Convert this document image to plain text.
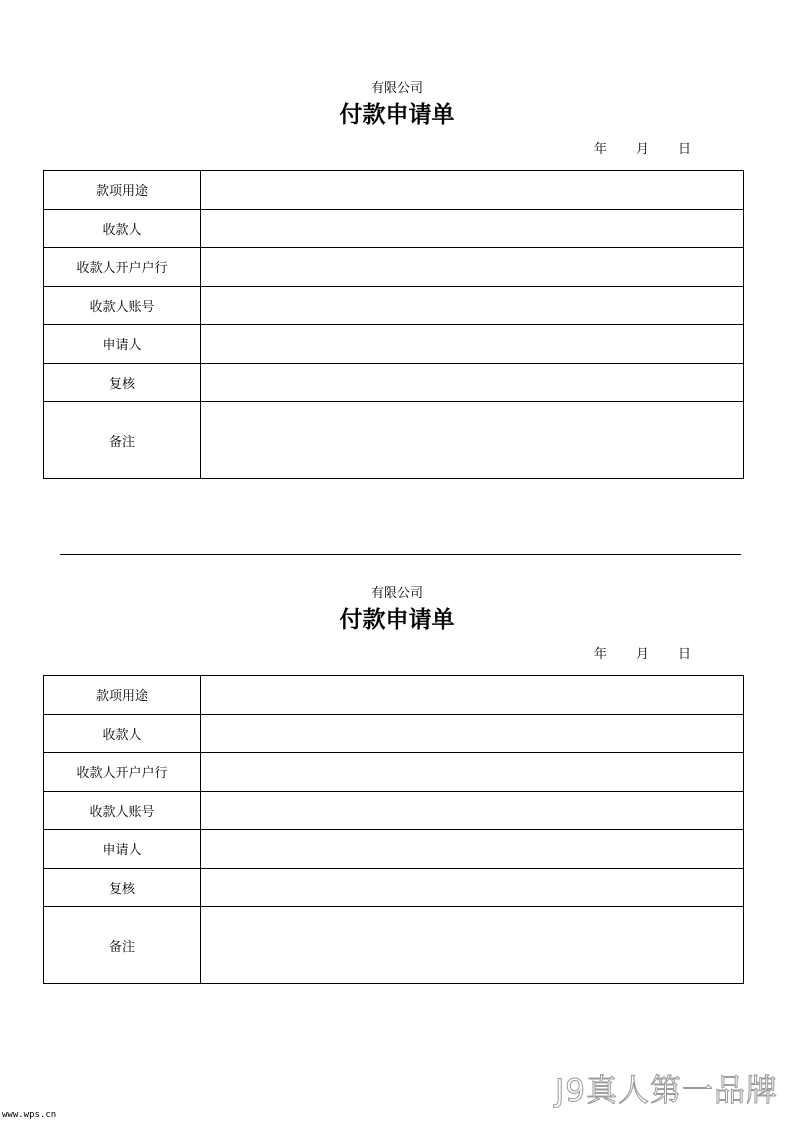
有限公司
付款申请单
年 月 日
款项用途	
收款人	
收款人开户户行	
收款人账号	
申请人	
复核	
备注	
有限公司
付款申请单
年 月 日
款项用途	
收款人	
收款人开户户行	
收款人账号	
申请人	
复核	
备注	
www.wps.cn
J9真人第一品牌
